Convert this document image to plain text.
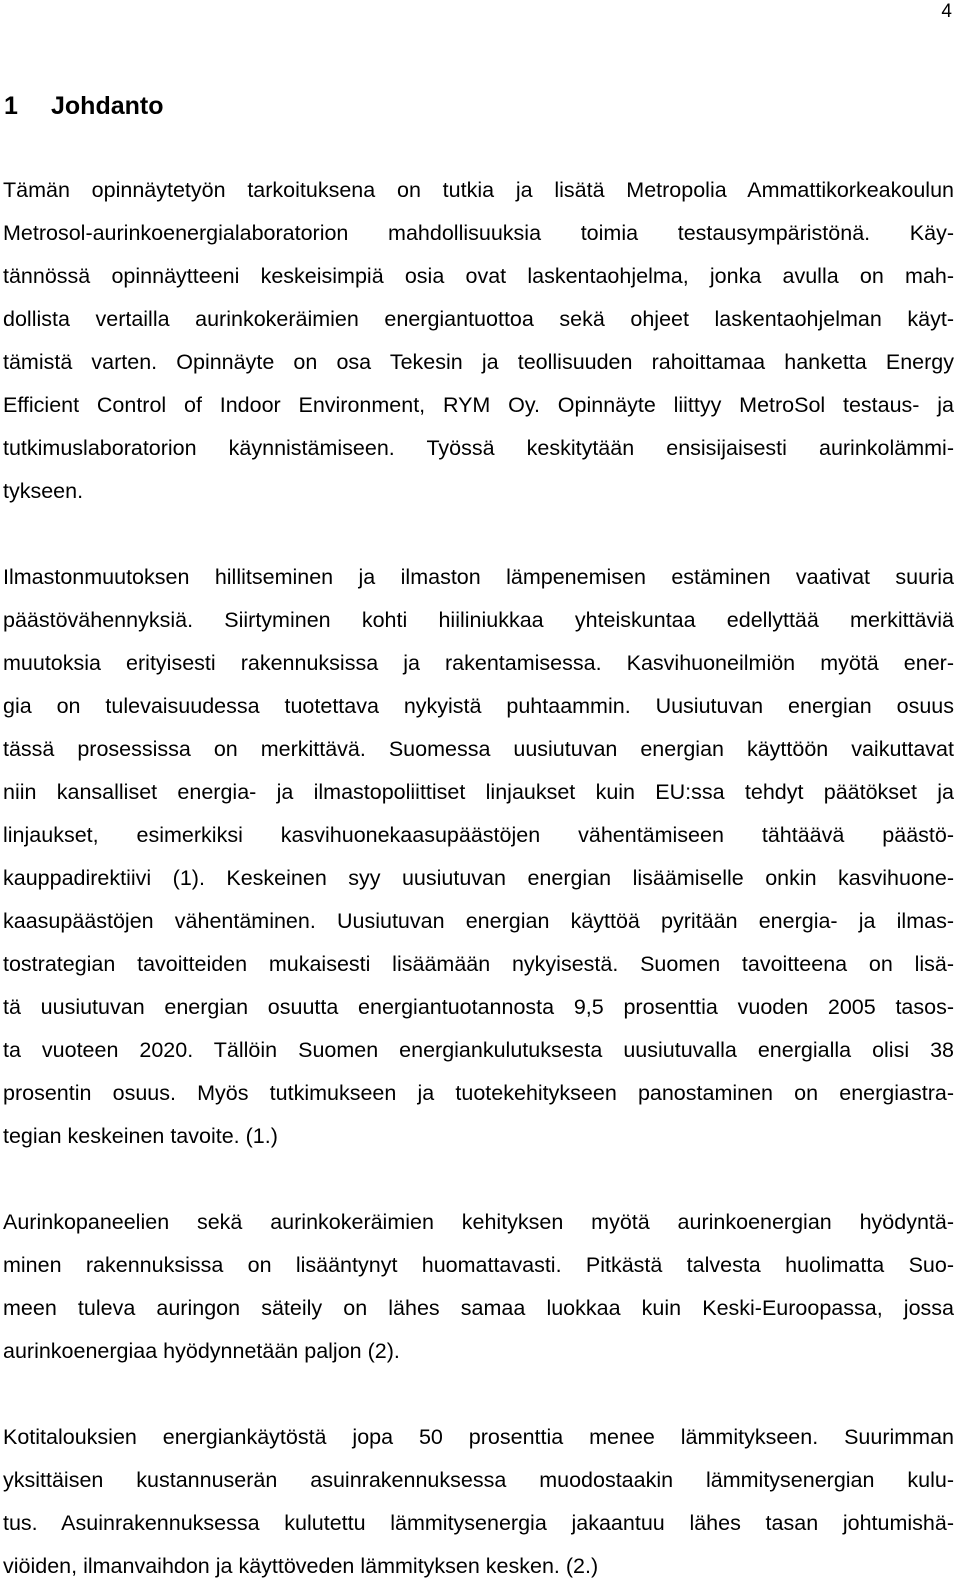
4
1 Johdanto
Tämän opinnäytetyön tarkoituksena on tutkia ja lisätä Metropolia Ammattikorkeakoulun
Metrosol-aurinkoenergialaboratorion mahdollisuuksia toimia testausympäristönä. Käy-
tännössä opinnäytteeni keskeisimpiä osia ovat laskentaohjelma, jonka avulla on mah-
dollista vertailla aurinkokeräimien energiantuottoa sekä ohjeet laskentaohjelman käyt-
tämistä varten. Opinnäyte on osa Tekesin ja teollisuuden rahoittamaa hanketta Energy
Efficient Control of Indoor Environment, RYM Oy. Opinnäyte liittyy MetroSol testaus- ja
tutkimuslaboratorion käynnistämiseen. Työssä keskitytään ensisijaisesti aurinkolämmi-
tykseen.
Ilmastonmuutoksen hillitseminen ja ilmaston lämpenemisen estäminen vaativat suuria
päästövähennyksiä. Siirtyminen kohti hiiliniukkaa yhteiskuntaa edellyttää merkittäviä
muutoksia erityisesti rakennuksissa ja rakentamisessa. Kasvihuoneilmiön myötä ener-
gia on tulevaisuudessa tuotettava nykyistä puhtaammin. Uusiutuvan energian osuus
tässä prosessissa on merkittävä. Suomessa uusiutuvan energian käyttöön vaikuttavat
niin kansalliset energia- ja ilmastopoliittiset linjaukset kuin EU:ssa tehdyt päätökset ja
linjaukset, esimerkiksi kasvihuonekaasupäästöjen vähentämiseen tähtäävä päästö-
kauppadirektiivi (1). Keskeinen syy uusiutuvan energian lisäämiselle onkin kasvihuone-
kaasupäästöjen vähentäminen. Uusiutuvan energian käyttöä pyritään energia- ja ilmas-
tostrategian tavoitteiden mukaisesti lisäämään nykyisestä. Suomen tavoitteena on lisä-
tä uusiutuvan energian osuutta energiantuotannosta 9,5 prosenttia vuoden 2005 tasos-
ta vuoteen 2020. Tällöin Suomen energiankulutuksesta uusiutuvalla energialla olisi 38
prosentin osuus. Myös tutkimukseen ja tuotekehitykseen panostaminen on energiastra-
tegian keskeinen tavoite. (1.)
Aurinkopaneelien sekä aurinkokeräimien kehityksen myötä aurinkoenergian hyödyntä-
minen rakennuksissa on lisääntynyt huomattavasti. Pitkästä talvesta huolimatta Suo-
meen tuleva auringon säteily on lähes samaa luokkaa kuin Keski-Euroopassa, jossa
aurinkoenergiaa hyödynnetään paljon (2).
Kotitalouksien energiankäytöstä jopa 50 prosenttia menee lämmitykseen. Suurimman
yksittäisen kustannuserän asuinrakennuksessa muodostaakin lämmitysenergian kulu-
tus. Asuinrakennuksessa kulutettu lämmitysenergia jakaantuu lähes tasan johtumishä-
viöiden, ilmanvaihdon ja käyttöveden lämmityksen kesken. (2.)
